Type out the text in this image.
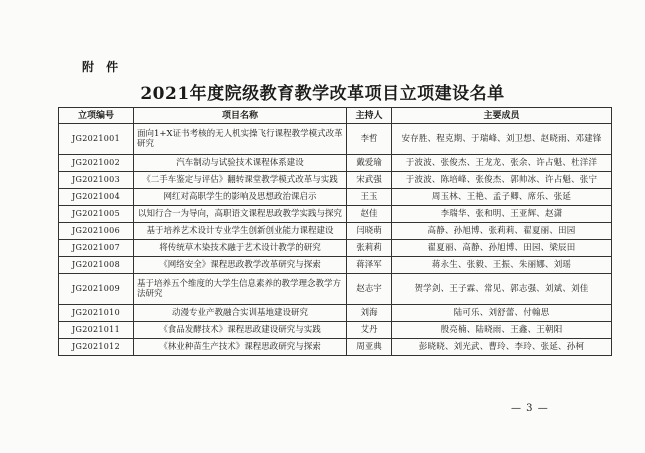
附 件
2021年度院级教育教学改革项目立项建设名单
立项编号	项目名称	主持人	主要成员
JG2021001	面向1+X证书考核的无人机实操飞行课程教学模式改革研究	李哲	安存胜、程克期、于瑞峰、刘卫想、赵晓雨、邓建锋
JG2021002	汽车制动与试验技术课程体系建设	戴爱瑜	于波波、张俊杰、王龙龙、张余、许占魁、杜洋洋
JG2021003	《二手车鉴定与评估》翻转课堂教学模式改革与实践	宋武强	于波波、陈培峰、张俊杰、郭帅冰、许占魁、张宁
JG2021004	网红对高职学生的影响及思想政治课启示	王玉	周玉林、王艳、孟子卿、席乐、张延
JG2021005	以知行合一为导向，高职语文课程思政教学实践与探究	赵佳	李瑞华、张和明、王亚辉、赵潇
JG2021006	基于培养艺术设计专业学生创新创业能力课程建设	闫晓萌	高静、孙旭博、张莉莉、翟夏丽、田园
JG2021007	将传统草木染技术融于艺术设计教学的研究	张莉莉	翟夏丽、高静、孙旭博、田园、梁辰田
JG2021008	《网络安全》课程思政教学改革研究与探索	蒋泽军	蒋永生、张毅、王振、朱丽娜、刘瑶
JG2021009	基于培养五个维度的大学生信息素养的教学理念教学方法研究	赵志宇	贺学剑、王子霖、常见、郭志强、刘斌、刘佳
JG2021010	动漫专业产教融合实训基地建设研究	刘海	陆可乐、刘舒蕾、付翰思
JG2021011	《食品发酵技术》课程思政建设研究与实践	艾丹	殷亮楠、陆晓雨、王鑫、王朝阳
JG2021012	《林业种苗生产技术》课程思政研究与探索	周亚典	彭晓晓、刘光武、曹玲、李玲、张延、孙柯
— 3 —
